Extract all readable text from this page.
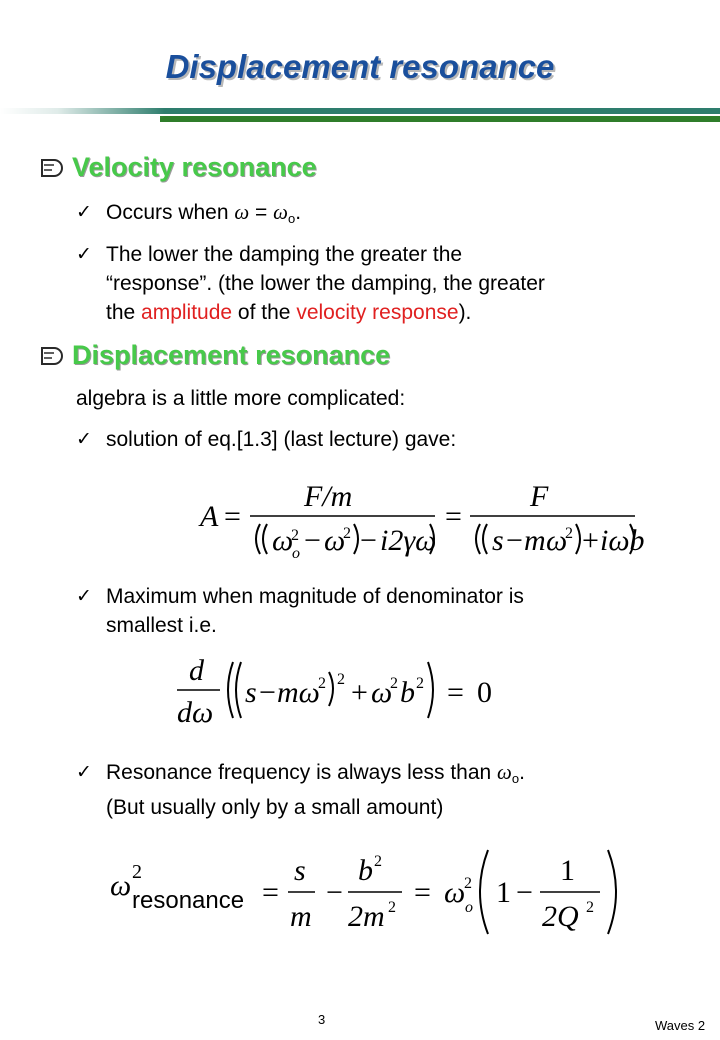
Displacement resonance
Velocity resonance
✓ Occurs when $\omega = \omega_o$.
✓ The lower the damping the greater the
“response”. (the lower the damping, the greater
the amplitude of the velocity response).
Displacement resonance
algebra is a little more complicated:
✓ solution of eq.[1.3] (last lecture) gave:
A =
F/m
ω
2
o − ω
2 − i2γω
=
F
s − m ω
2 + iωb
✓ Maximum when magnitude of denominator is
smallest i.e.
d
dω
s − mω
2 2 + ω
2 b 2 = 0
✓ Resonance frequency is always less than $\omega_o$.
(But usually only by a small amount)
ω 2
resonance =
s
m
−
b 2
2m 2 = ω
2
o 1 −
1
2Q 2
3	Waves 2
